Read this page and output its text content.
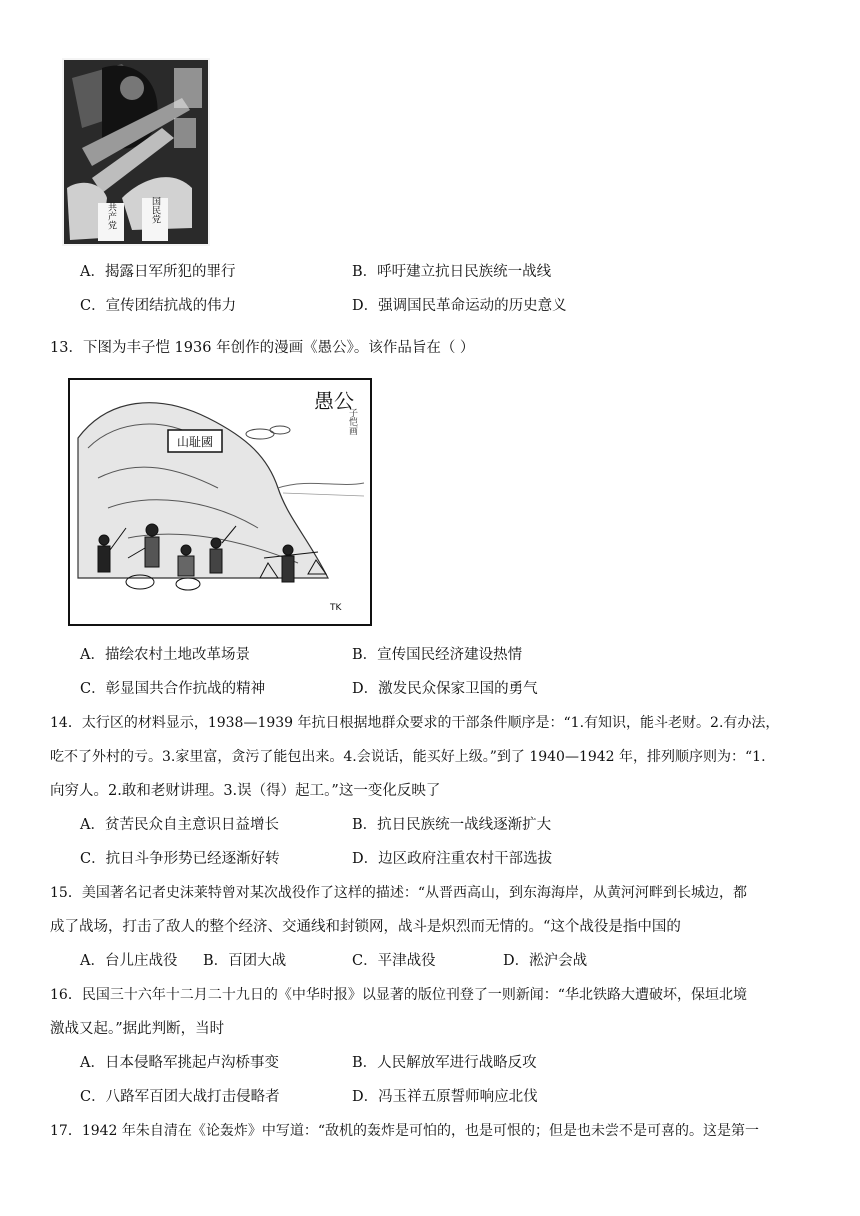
共产党	国民党
A．揭露日军所犯的罪行	B．呼吁建立抗日民族统一战线
C．宣传团结抗战的伟力	D．强调国民革命运动的历史意义
13．下图为丰子恺 1936 年创作的漫画《愚公》。该作品旨在（ ）
山耻國
愚公
子恺画
TK
A．描绘农村土地改革场景	B．宣传国民经济建设热情
C．彰显国共合作抗战的精神	D．激发民众保家卫国的勇气
14．太行区的材料显示，1938—1939 年抗日根据地群众要求的干部条件顺序是：“1.有知识，能斗老财。2.有办法，
吃不了外村的亏。3.家里富，贪污了能包出来。4.会说话，能买好上级。”到了 1940—1942 年，排列顺序则为：“1.
向穷人。2.敢和老财讲理。3.误（得）起工。”这一变化反映了
A．贫苦民众自主意识日益增长	B．抗日民族统一战线逐渐扩大
C．抗日斗争形势已经逐渐好转	D．边区政府注重农村干部选拔
15．美国著名记者史沫莱特曾对某次战役作了这样的描述：“从晋西高山，到东海海岸，从黄河河畔到长城边，都
成了战场，打击了敌人的整个经济、交通线和封锁网，战斗是炽烈而无情的。“这个战役是指中国的
A．台儿庄战役 B．百团大战	C．平津战役	D．淞沪会战
16．民国三十六年十二月二十九日的《中华时报》以显著的版位刊登了一则新闻：“华北铁路大遭破坏，保垣北境
激战又起。”据此判断，当时
A．日本侵略军挑起卢沟桥事变	B．人民解放军进行战略反攻
C．八路军百团大战打击侵略者	D．冯玉祥五原誓师响应北伐
17．1942 年朱自清在《论轰炸》中写道：“敌机的轰炸是可怕的，也是可恨的；但是也未尝不是可喜的。这是第一
